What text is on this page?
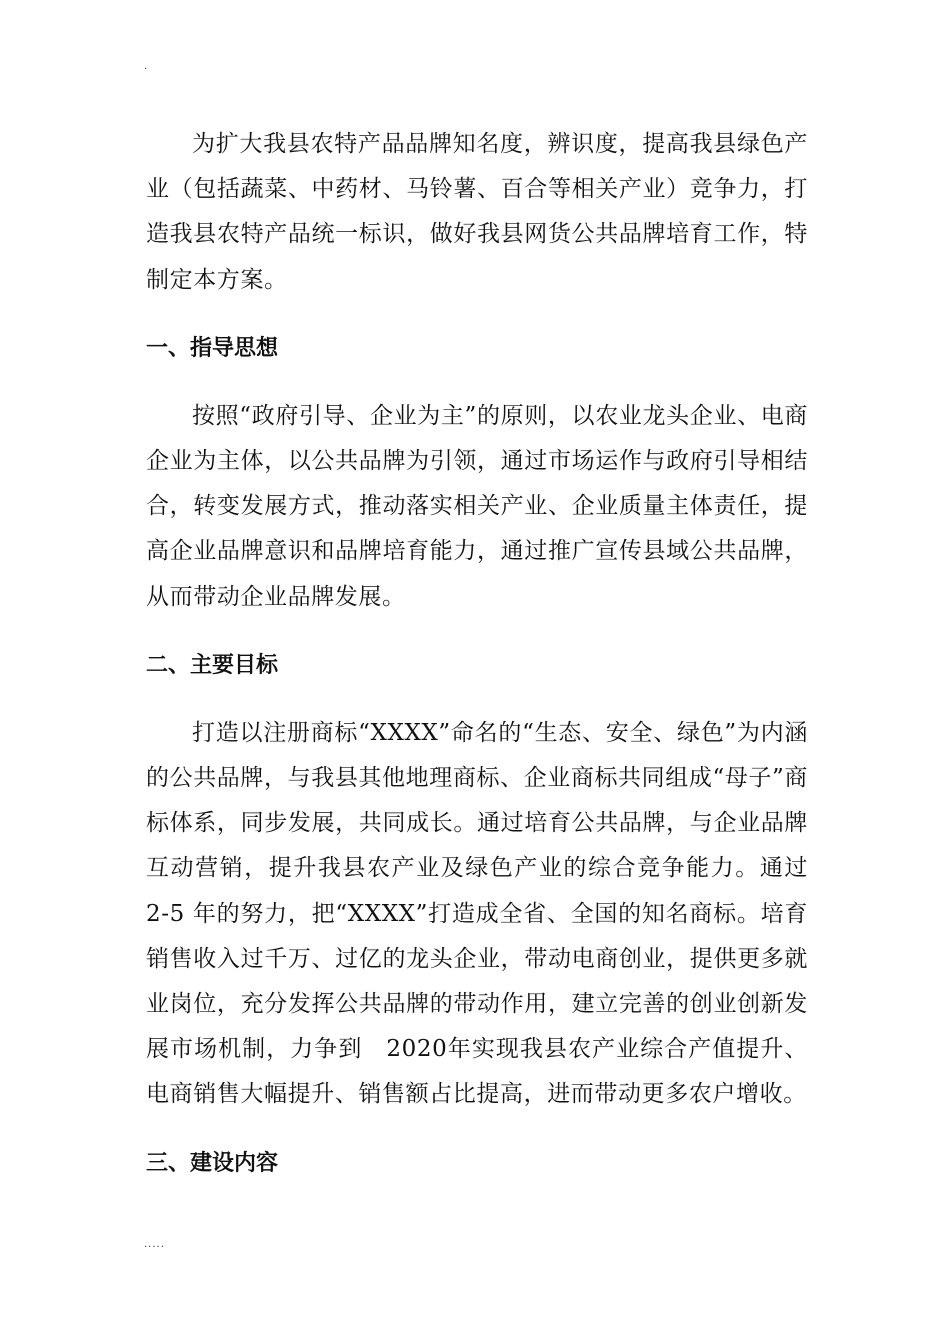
.

为扩大我县农特产品品牌知名度，辨识度，提高我县绿色产业（包括蔬菜、中药材、马铃薯、百合等相关产业）竞争力，打造我县农特产品统一标识，做好我县网货公共品牌培育工作，特制定本方案。

一、指导思想

按照“政府引导、企业为主”的原则，以农业龙头企业、电商企业为主体，以公共品牌为引领，通过市场运作与政府引导相结合，转变发展方式，推动落实相关产业、企业质量主体责任，提高企业品牌意识和品牌培育能力，通过推广宣传县域公共品牌，从而带动企业品牌发展。

二、主要目标

打造以注册商标“XXXX”命名的“生态、安全、绿色”为内涵的公共品牌，与我县其他地理商标、企业商标共同组成“母子”商标体系，同步发展，共同成长。通过培育公共品牌，与企业品牌互动营销，提升我县农产业及绿色产业的综合竞争能力。通过 2-5 年的努力，把“XXXX”打造成全省、全国的知名商标。培育销售收入过千万、过亿的龙头企业，带动电商创业，提供更多就业岗位，充分发挥公共品牌的带动作用，建立完善的创业创新发展市场机制，力争到　2020年实现我县农产业综合产值提升、电商销售大幅提升、销售额占比提高，进而带动更多农户增收。

三、建设内容
.....
